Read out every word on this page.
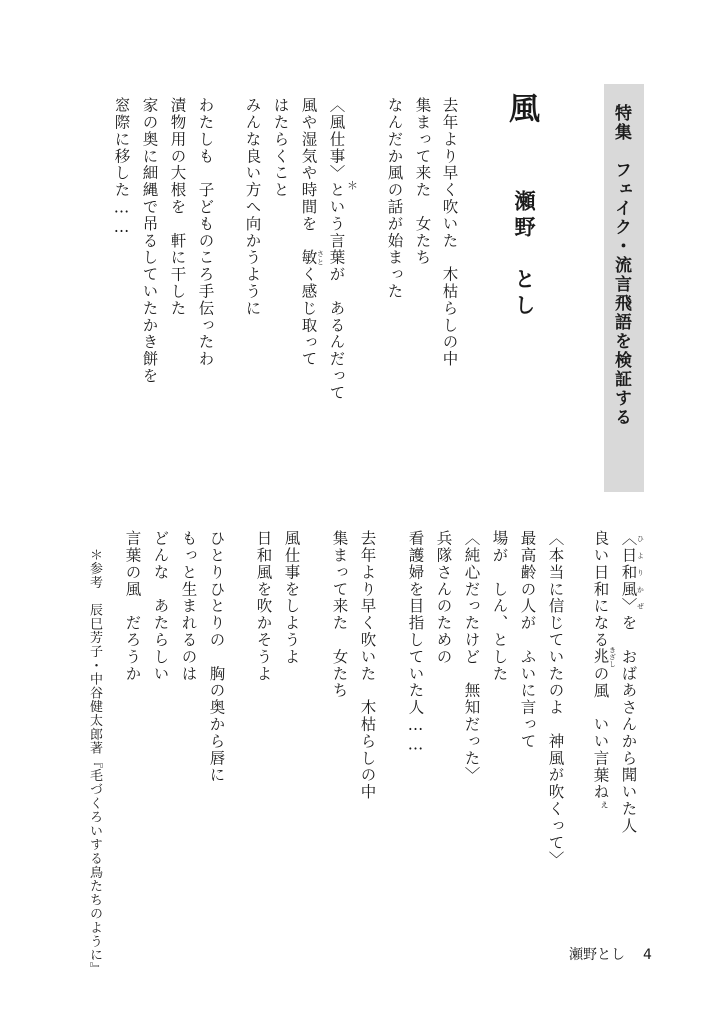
特集　フェイク・流言飛語を検証する
風
瀬野　とし
去年より早く吹いた　木枯らしの中
集まって来た　女たち
なんだか風の話が始まった
〈風仕事〉という言葉が　あるんだって ＊
風や湿気や時間を　敏 さとく感じ取って
はたらくこと
みんな良い方へ向かうように
わたしも　子どものころ手伝ったわ
漬物用の大根を　軒に干した
家の奥に細縄で吊るしていたかき餅を
窓際に移した……
〈日和風〉 ひよりかぜを　おばあさんから聞いた人
良い日和になる兆 きざしの風　いい言葉ねぇ
〈本当に信じていたのよ　神風が吹くって〉
最高齢の人が　ふいに言って
場が　しん、とした
〈純心だったけど　無知だった〉
兵隊さんのための
看護婦を目指していた人……
去年より早く吹いた　木枯らしの中
集まって来た　女たち
風仕事をしようよ
日和風を吹かそうよ
ひとりひとりの　胸の奥から唇に
もっと生まれるのは
どんな　あたらしい
言葉の風　だろうか
＊参考　辰巳芳子・中谷健太郎著『毛づくろいする鳥たちのように』	瀬野とし 4
